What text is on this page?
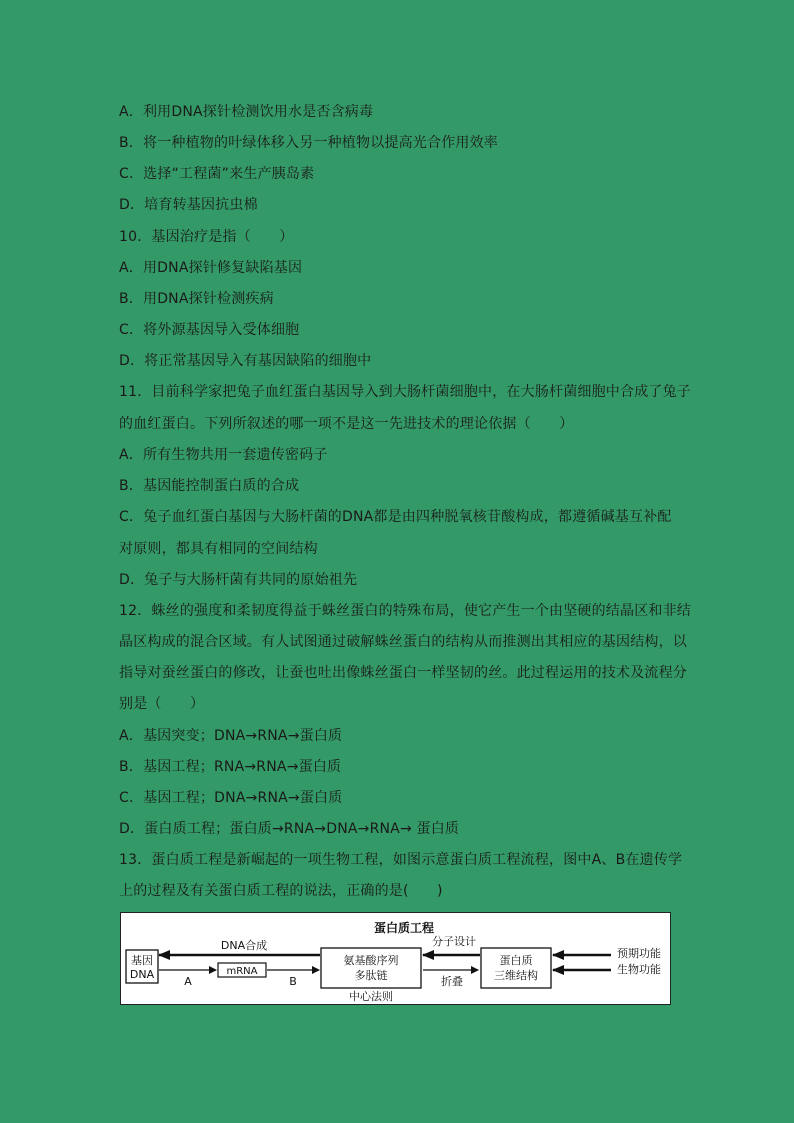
A．利用DNA探针检测饮用水是否含病毒
B．将一种植物的叶绿体移入另一种植物以提高光合作用效率
C．选择“工程菌”来生产胰岛素
D．培育转基因抗虫棉
10．基因治疗是指（　　）
A．用DNA探针修复缺陷基因
B．用DNA探针检测疾病
C．将外源基因导入受体细胞
D．将正常基因导入有基因缺陷的细胞中
11．目前科学家把兔子血红蛋白基因导入到大肠杆菌细胞中，在大肠杆菌细胞中合成了兔子
的血红蛋白。下列所叙述的哪一项不是这一先进技术的理论依据（　　）
A．所有生物共用一套遗传密码子
B．基因能控制蛋白质的合成
C．兔子血红蛋白基因与大肠杆菌的DNA都是由四种脱氧核苷酸构成，都遵循碱基互补配
对原则，都具有相同的空间结构
D．兔子与大肠杆菌有共同的原始祖先
12．蛛丝的强度和柔韧度得益于蛛丝蛋白的特殊布局，使它产生一个由坚硬的结晶区和非结
晶区构成的混合区域。有人试图通过破解蛛丝蛋白的结构从而推测出其相应的基因结构，以
指导对蚕丝蛋白的修改，让蚕也吐出像蛛丝蛋白一样坚韧的丝。此过程运用的技术及流程分
别是（　　）
A．基因突变；DNA→RNA→蛋白质
B．基因工程；RNA→RNA→蛋白质
C．基因工程；DNA→RNA→蛋白质
D．蛋白质工程；蛋白质→RNA→DNA→RNA→ 蛋白质
13．蛋白质工程是新崛起的一项生物工程，如图示意蛋白质工程流程，图中A、B在遗传学
上的过程及有关蛋白质工程的说法，正确的是(　　)
蛋白质工程
基因
DNA
DNA合成
A
mRNA
B
氨基酸序列
多肽链
中心法则
分子设计
折叠
蛋白质
三维结构
预期功能
生物功能
